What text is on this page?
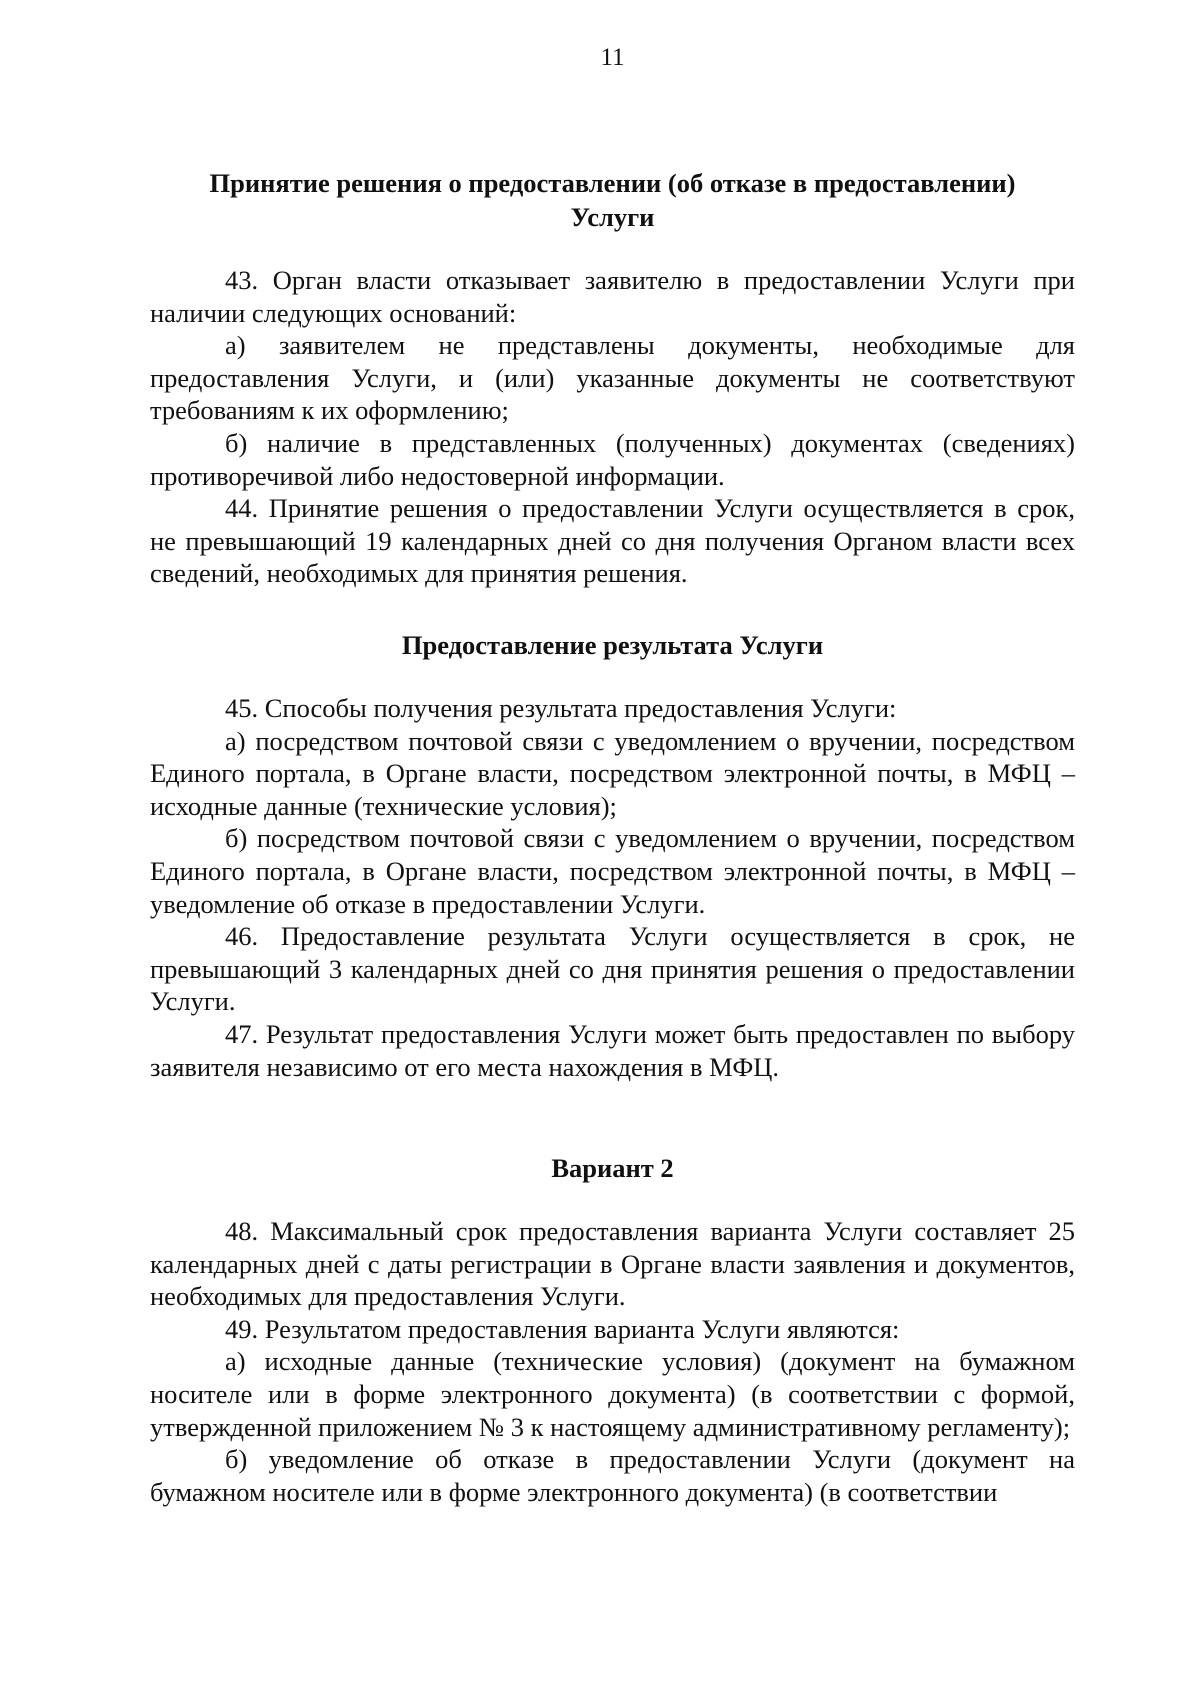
11
Принятие решения о предоставлении (об отказе в предоставлении)
Услуги

43. Орган власти отказывает заявителю в предоставлении Услуги при наличии следующих оснований:

а) заявителем не представлены документы, необходимые для предоставления Услуги, и (или) указанные документы не соответствуют требованиям к их оформлению;

б) наличие в представленных (полученных) документах (сведениях) противоречивой либо недостоверной информации.

44. Принятие решения о предоставлении Услуги осуществляется в срок, не превышающий 19 календарных дней со дня получения Органом власти всех сведений, необходимых для принятия решения.

Предоставление результата Услуги

45. Способы получения результата предоставления Услуги:

а) посредством почтовой связи с уведомлением о вручении, посредством Единого портала, в Органе власти, посредством электронной почты, в МФЦ – исходные данные (технические условия);

б) посредством почтовой связи с уведомлением о вручении, посредством Единого портала, в Органе власти, посредством электронной почты, в МФЦ – уведомление об отказе в предоставлении Услуги.

46. Предоставление результата Услуги осуществляется в срок, не превышающий 3 календарных дней со дня принятия решения о предоставлении Услуги.

47. Результат предоставления Услуги может быть предоставлен по выбору заявителя независимо от его места нахождения в МФЦ.

Вариант 2

48. Максимальный срок предоставления варианта Услуги составляет 25 календарных дней с даты регистрации в Органе власти заявления и документов, необходимых для предоставления Услуги.

49. Результатом предоставления варианта Услуги являются:

а) исходные данные (технические условия) (документ на бумажном носителе или в форме электронного документа) (в соответствии с формой, утвержденной приложением № 3 к настоящему административному регламенту);

б) уведомление об отказе в предоставлении Услуги (документ на бумажном носителе или в форме электронного документа) (в соответствии
